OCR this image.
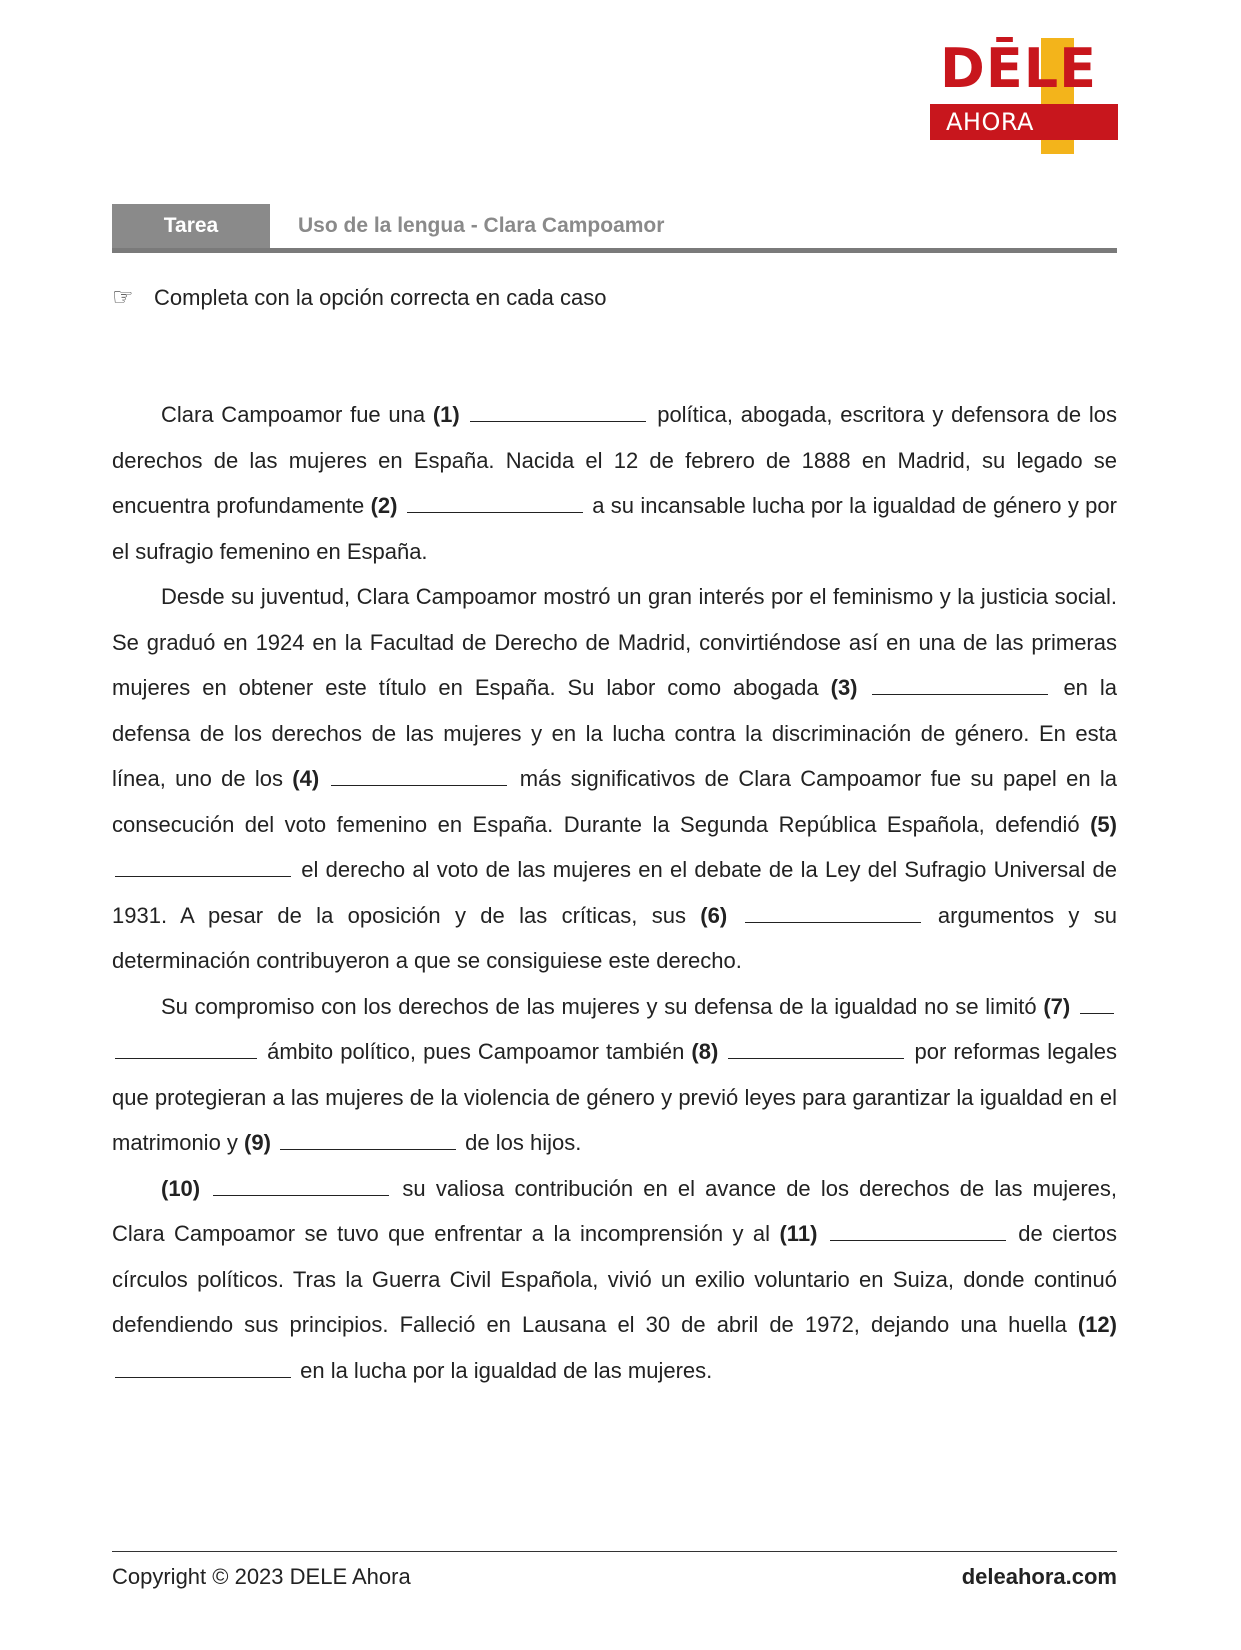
DĒLE
AHORA
Tarea	Uso de la lengua - Clara Campoamor
☞ Completa con la opción correcta en cada caso

Clara Campoamor fue una (1)	política, abogada, escritora y defensora de los derechos de las mujeres en España. Nacida el 12 de febrero de 1888 en Madrid, su legado se encuentra profundamente (2)	a su incansable lucha por la igualdad de género y por el sufragio femenino en España.

Desde su juventud, Clara Campoamor mostró un gran interés por el feminismo y la justicia social. Se graduó en 1924 en la Facultad de Derecho de Madrid, convirtiéndose así en una de las primeras mujeres en obtener este título en España. Su labor como abogada (3)	en la defensa de los derechos de las mujeres y en la lucha contra la discriminación de género. En esta línea, uno de los (4)	más significativos de Clara Campoamor fue su papel en la consecución del voto femenino en España. Durante la Segunda República Española, defendió (5)  el derecho al voto de las mujeres en el debate de la Ley del Sufragio Universal de 1931. A pesar de la oposición y de las críticas, sus (6)	argumentos y su determinación contribuyeron a que se consiguiese este derecho.

Su compromiso con los derechos de las mujeres y su defensa de la igualdad no se limitó (7)   ámbito político, pues Campoamor también (8)	por reformas legales que protegieran a las mujeres de la violencia de género y previó leyes para garantizar la igualdad en el matrimonio y (9)	de los hijos.

(10)	su valiosa contribución en el avance de los derechos de las mujeres, Clara Campoamor se tuvo que enfrentar a la incomprensión y al (11)	de ciertos círculos políticos. Tras la Guerra Civil Española, vivió un exilio voluntario en Suiza, donde continuó defendiendo sus principios. Falleció en Lausana el 30 de abril de 1972, dejando una huella (12)  en la lucha por la igualdad de las mujeres.

Copyright © 2023 DELE Ahora	deleahora.com
